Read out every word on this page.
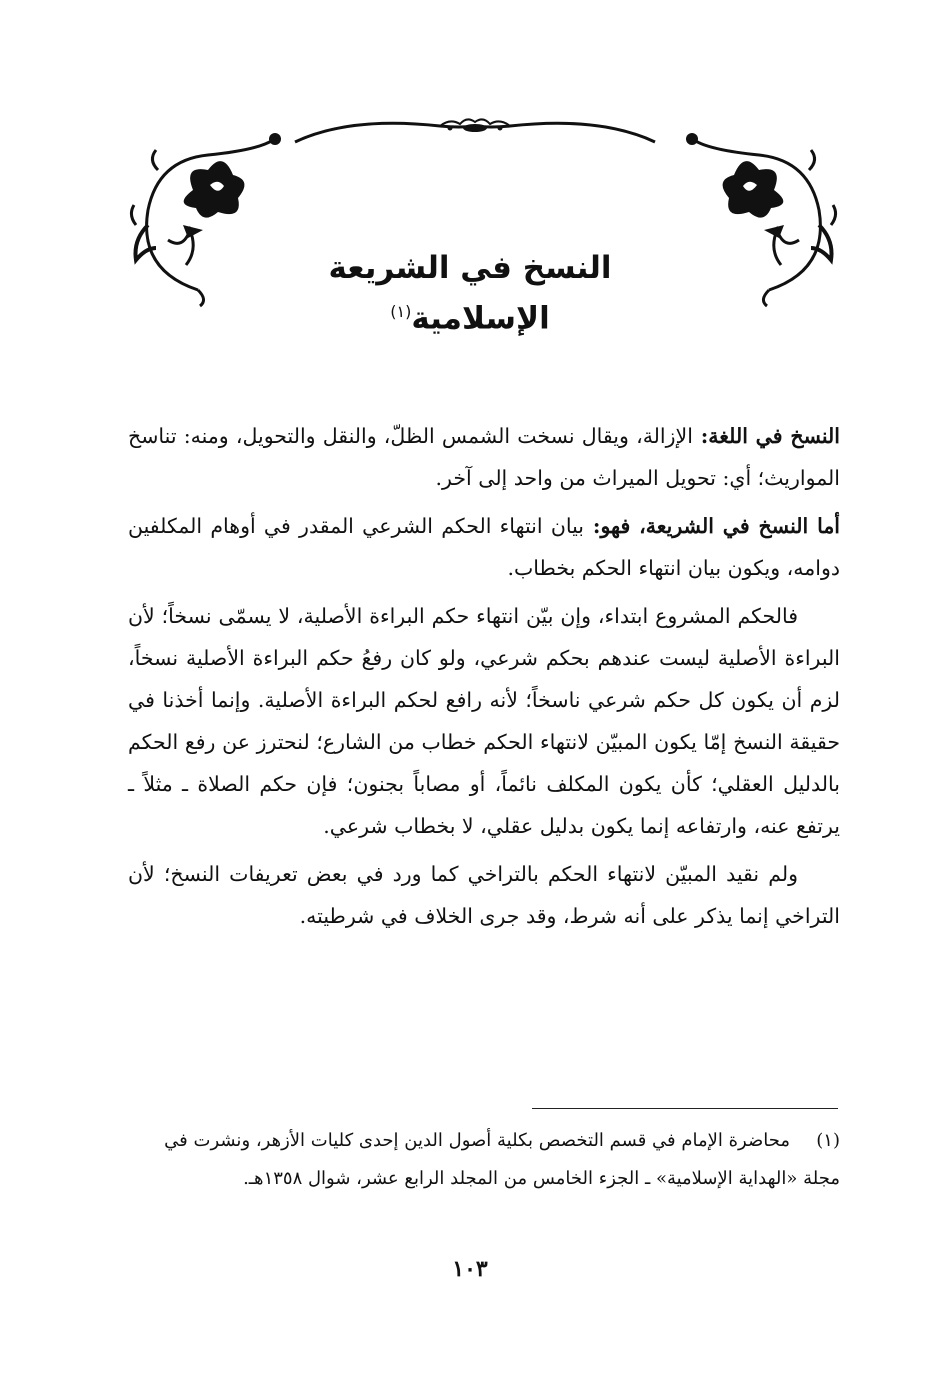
النسخ في الشريعة الإسلامية$^{(١)}$

النسخ في اللغة: الإزالة، ويقال نسخت الشمس الظلّ، والنقل والتحويل، ومنه: تناسخ المواريث؛ أي: تحويل الميراث من واحد إلى آخر.

أما النسخ في الشريعة، فهو: بيان انتهاء الحكم الشرعي المقدر في أوهام المكلفين دوامه، ويكون بيان انتهاء الحكم بخطاب.

فالحكم المشروع ابتداء، وإن بيّن انتهاء حكم البراءة الأصلية، لا يسمّى نسخاً؛ لأن البراءة الأصلية ليست عندهم بحكم شرعي، ولو كان رفعُ حكم البراءة الأصلية نسخاً، لزم أن يكون كل حكم شرعي ناسخاً؛ لأنه رافع لحكم البراءة الأصلية. وإنما أخذنا في حقيقة النسخ إمّا يكون المبيّن لانتهاء الحكم خطاب من الشارع؛ لنحترز عن رفع الحكم بالدليل العقلي؛ كأن يكون المكلف نائماً، أو مصاباً بجنون؛ فإن حكم الصلاة ـ مثلاً ـ يرتفع عنه، وارتفاعه إنما يكون بدليل عقلي، لا بخطاب شرعي.

ولم نقيد المبيّن لانتهاء الحكم بالتراخي كما ورد في بعض تعريفات النسخ؛ لأن التراخي إنما يذكر على أنه شرط، وقد جرى الخلاف في شرطيته.

(١)محاضرة الإمام في قسم التخصص بكلية أصول الدين إحدى كليات الأزهر، ونشرت في مجلة «الهداية الإسلامية» ـ الجزء الخامس من المجلد الرابع عشر، شوال ١٣٥٨هـ.
١٠٣
